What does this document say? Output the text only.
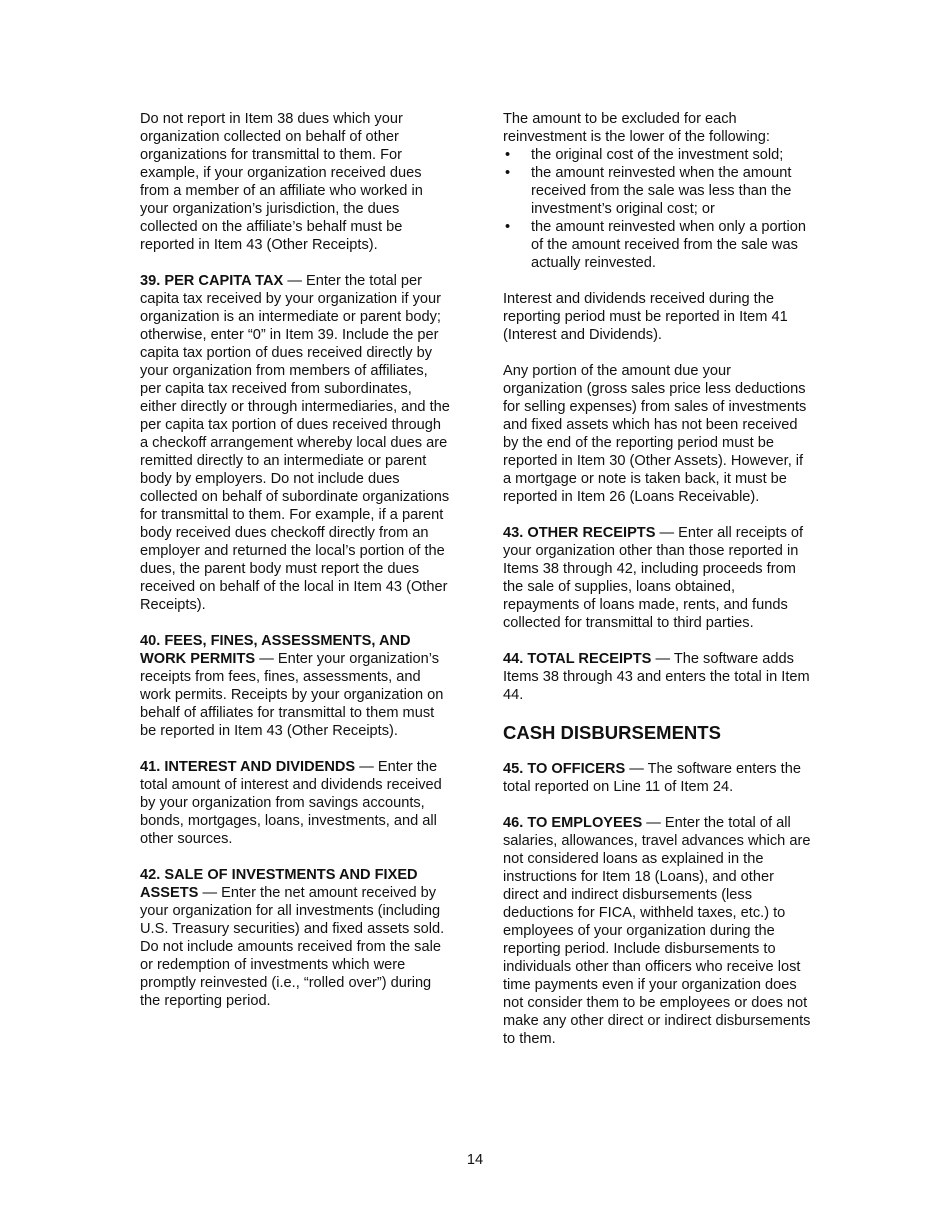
Do not report in Item 38 dues which your organization collected on behalf of other organizations for transmittal to them. For example, if your organization received dues from a member of an affiliate who worked in your organization’s jurisdiction, the dues collected on the affiliate’s behalf must be reported in Item 43 (Other Receipts).

39. PER CAPITA TAX — Enter the total per capita tax received by your organization if your organization is an intermediate or parent body; otherwise, enter “0” in Item 39. Include the per capita tax portion of dues received directly by your organization from members of affiliates, per capita tax received from subordinates, either directly or through intermediaries, and the per capita tax portion of dues received through a checkoff arrangement whereby local dues are remitted directly to an intermediate or parent body by employers. Do not include dues collected on behalf of subordinate organizations for transmittal to them. For example, if a parent body received dues checkoff directly from an employer and returned the local’s portion of the dues, the parent body must report the dues received on behalf of the local in Item 43 (Other Receipts).

40. FEES, FINES, ASSESSMENTS, AND WORK PERMITS — Enter your organization’s receipts from fees, fines, assessments, and work permits. Receipts by your organization on behalf of affiliates for transmittal to them must be reported in Item 43 (Other Receipts).

41. INTEREST AND DIVIDENDS — Enter the total amount of interest and dividends received by your organization from savings accounts, bonds, mortgages, loans, investments, and all other sources.

42. SALE OF INVESTMENTS AND FIXED ASSETS — Enter the net amount received by your organization for all investments (including U.S. Treasury securities) and fixed assets sold. Do not include amounts received from the sale or redemption of investments which were promptly reinvested (i.e., “rolled over”) during the reporting period.

The amount to be excluded for each reinvestment is the lower of the following:
• the original cost of the investment sold;
• the amount reinvested when the amount received from the sale was less than the investment’s original cost; or
• the amount reinvested when only a portion of the amount received from the sale was actually reinvested.

Interest and dividends received during the reporting period must be reported in Item 41 (Interest and Dividends).

Any portion of the amount due your organization (gross sales price less deductions for selling expenses) from sales of investments and fixed assets which has not been received by the end of the reporting period must be reported in Item 30 (Other Assets). However, if a mortgage or note is taken back, it must be reported in Item 26 (Loans Receivable).

43. OTHER RECEIPTS — Enter all receipts of your organization other than those reported in Items 38 through 42, including proceeds from the sale of supplies, loans obtained, repayments of loans made, rents, and funds collected for transmittal to third parties.

44. TOTAL RECEIPTS — The software adds Items 38 through 43 and enters the total in Item 44.

CASH DISBURSEMENTS

45. TO OFFICERS — The software enters the total reported on Line 11 of Item 24.

46. TO EMPLOYEES — Enter the total of all salaries, allowances, travel advances which are not considered loans as explained in the instructions for Item 18 (Loans), and other direct and indirect disbursements (less deductions for FICA, withheld taxes, etc.) to employees of your organization during the reporting period. Include disbursements to individuals other than officers who receive lost time payments even if your organization does not consider them to be employees or does not make any other direct or indirect disbursements to them.

14
